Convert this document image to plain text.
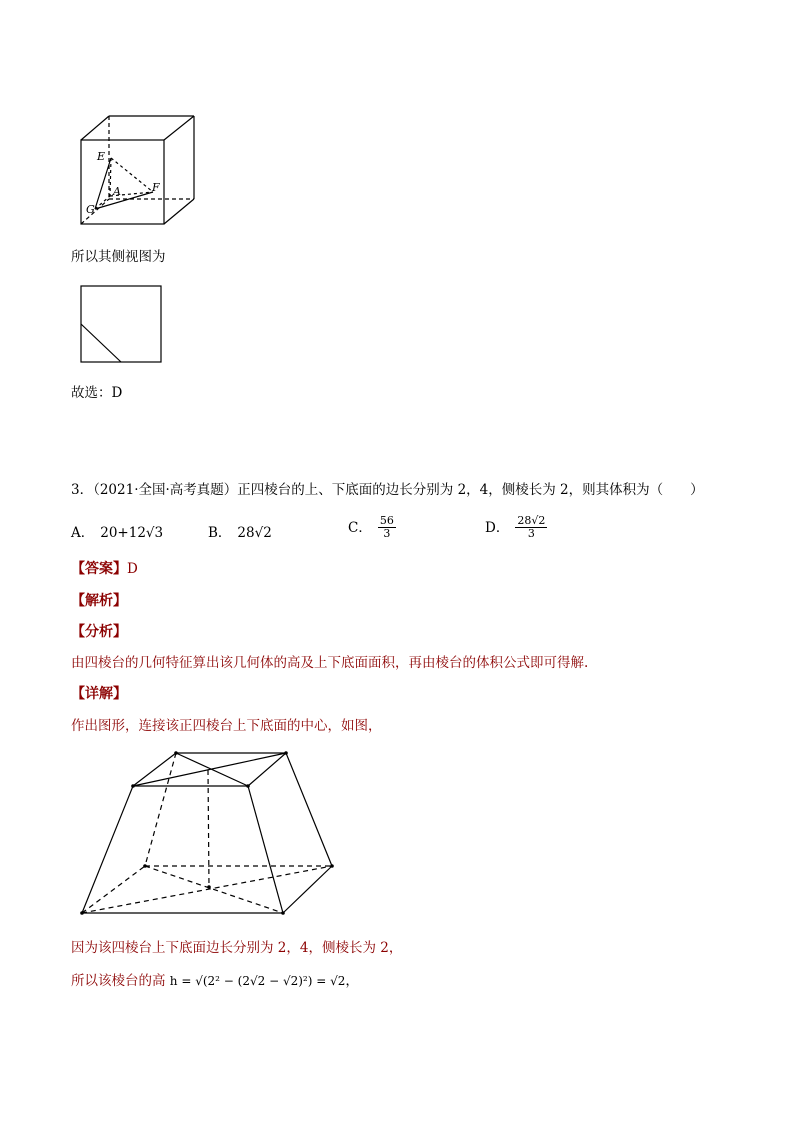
E
A	F
G
所以其侧视图为
故选：D
3．（2021·全国·高考真题）正四棱台的上、下底面的边长分别为 2，4，侧棱长为 2，则其体积为（　　）
A． 20+12√3	B． 28√2	C． $\frac{56}{3}$	D． $\frac{28√2}{3}$
【答案】D
【解析】
【分析】
由四棱台的几何特征算出该几何体的高及上下底面面积，再由棱台的体积公式即可得解.
【详解】
作出图形，连接该正四棱台上下底面的中心，如图，
因为该四棱台上下底面边长分别为 2，4，侧棱长为 2，
所以该棱台的高 h = √(2² − (2√2 − √2)²) = √2，
